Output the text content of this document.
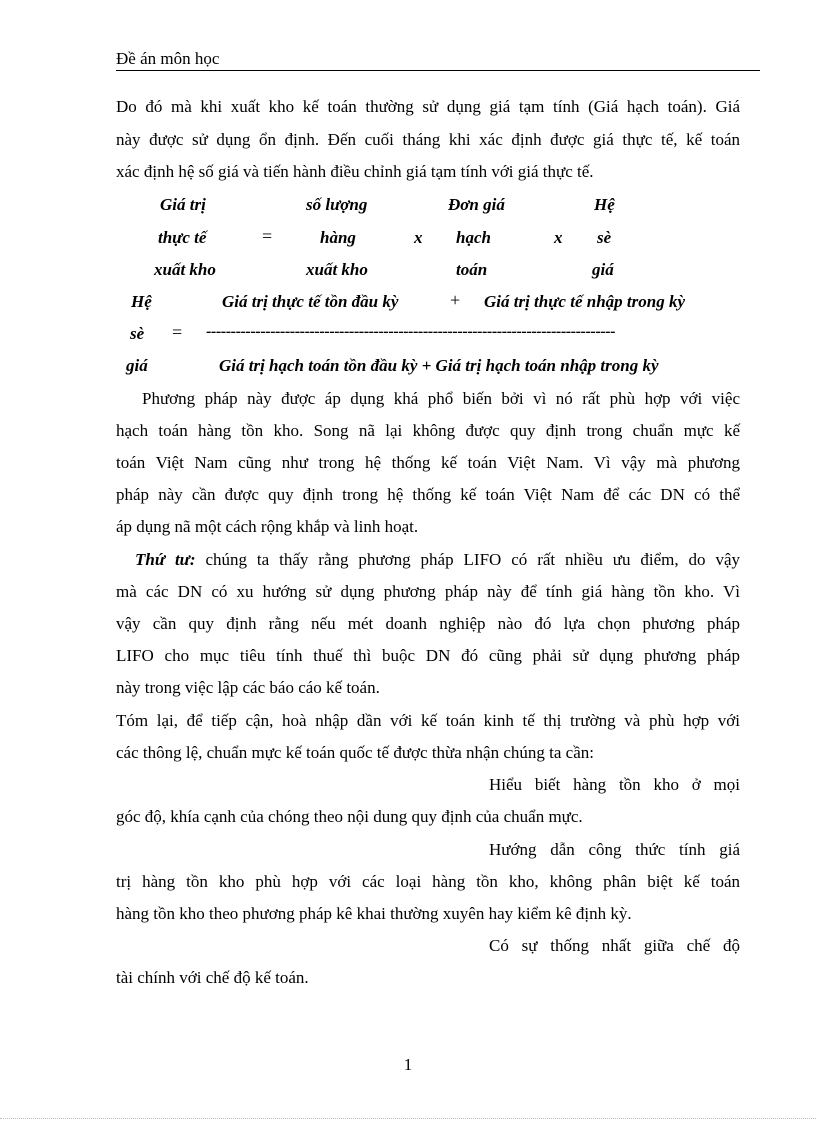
Đề án môn học
Do đó mà khi xuất kho kế toán thường sử dụng giá tạm tính (Giá hạch toán). Giá
này được sử dụng ổn định. Đến cuối tháng khi xác định được giá thực tế, kế toán
xác định hệ số giá và tiến hành điều chỉnh giá tạm tính với giá thực tế.
Giá trị
thực tế
xuất kho
=
số lượng
hàng
xuất kho
x
Đơn giá
hạch
toán
x
Hệ
sè
giá
Hệ
sè
giá
=
Giá trị thực tế tồn đầu kỳ	+ Giá trị thực tế nhập trong kỳ
-----------------------------------------------------------------------------------
Giá trị hạch toán tồn đầu kỳ + Giá trị hạch toán nhập trong kỳ
Phương pháp này được áp dụng khá phổ biến bởi vì nó rất phù hợp với việc
hạch toán hàng tồn kho. Song nã lại không được quy định trong chuẩn mực kế
toán Việt Nam cũng như trong hệ thống kế toán Việt Nam. Vì vậy mà phương
pháp này cần được quy định trong hệ thống kế toán Việt Nam để các DN có thể
áp dụng nã một cách rộng khắp và linh hoạt.
Thứ tư: chúng ta thấy rằng phương pháp LIFO có rất nhiều ưu điểm, do vậy
mà các DN có xu hướng sử dụng phương pháp này để tính giá hàng tồn kho. Vì
vậy cần quy định rằng nếu mét doanh nghiệp nào đó lựa chọn phương pháp
LIFO cho mục tiêu tính thuế thì buộc DN đó cũng phải sử dụng phương pháp
này trong việc lập các báo cáo kế toán.
Tóm lại, để tiếp cận, hoà nhập dần với kế toán kinh tế thị trường và phù hợp với
các thông lệ, chuẩn mực kế toán quốc tế được thừa nhận chúng ta cần:
Hiểu biết hàng tồn kho ở mọi
góc độ, khía cạnh của chóng theo nội dung quy định của chuẩn mực.
Hướng dẫn công thức tính giá
trị hàng tồn kho phù hợp với các loại hàng tồn kho, không phân biệt kế toán
hàng tồn kho theo phương pháp kê khai thường xuyên hay kiểm kê định kỳ.
Có sự thống nhất giữa chế độ
tài chính với chế độ kế toán.
1
